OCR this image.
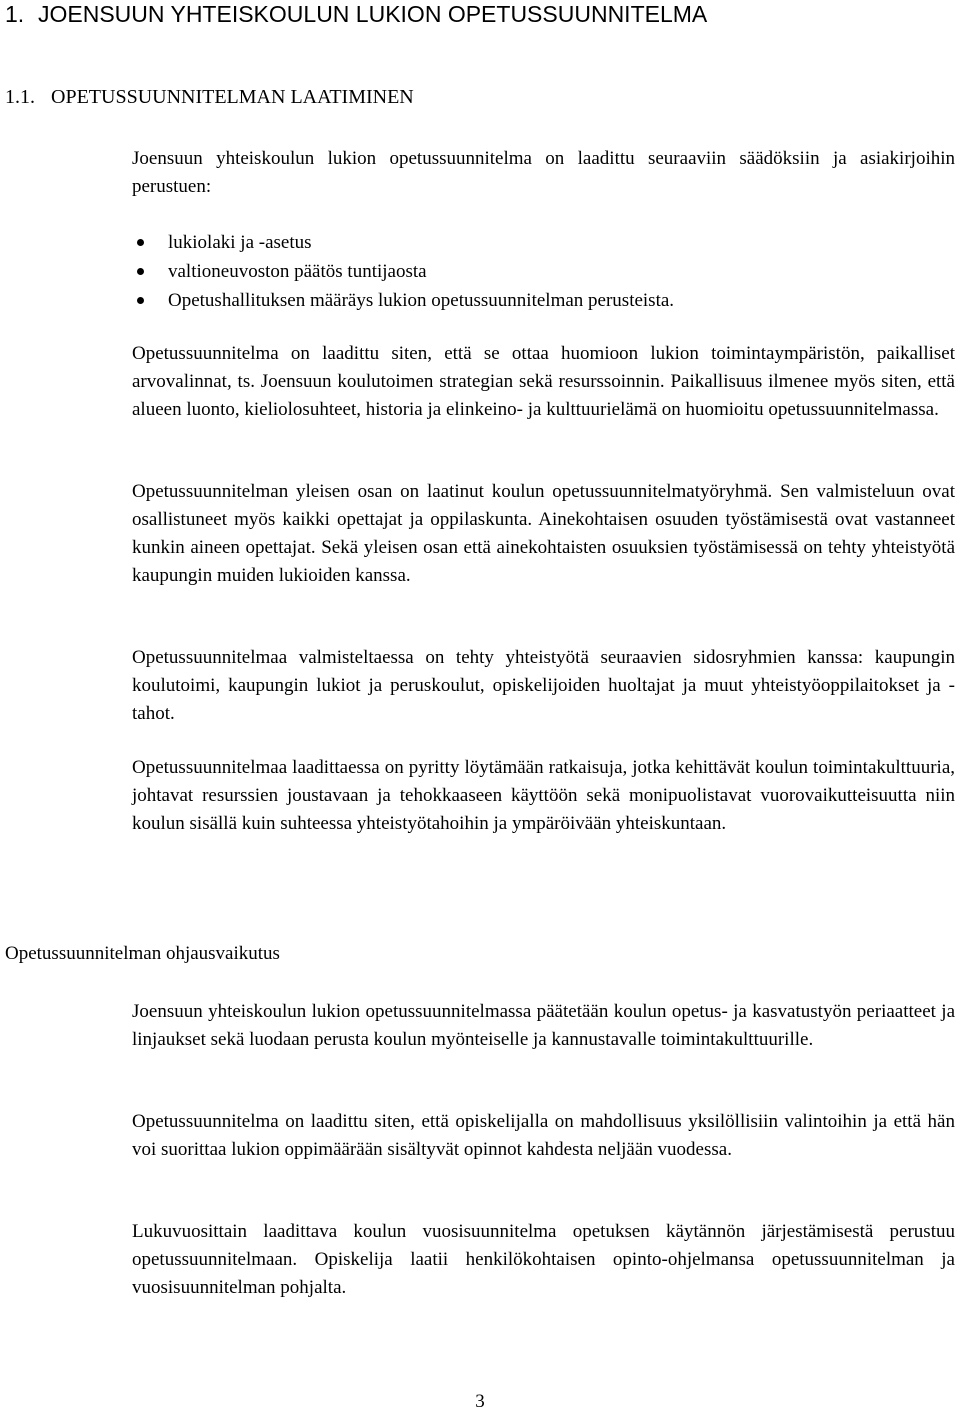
1. JOENSUUN YHTEISKOULUN LUKION OPETUSSUUNNITELMA
1.1. OPETUSSUUNNITELMAN LAATIMINEN

Joensuun yhteiskoulun lukion opetussuunnitelma on laadittu seuraaviin säädöksiin ja asiakirjoihin perustuen:

lukiolaki ja -asetus
valtioneuvoston päätös tuntijaosta
Opetushallituksen määräys lukion opetussuunnitelman perusteista.

Opetussuunnitelma on laadittu siten, että se ottaa huomioon lukion toimintaympäristön, paikalliset arvovalinnat, ts. Joensuun koulutoimen strategian sekä resurssoinnin. Paikallisuus ilmenee myös siten, että alueen luonto, kieliolosuhteet, historia ja elinkeino- ja kulttuurielämä on huomioitu opetussuunnitelmassa.

Opetussuunnitelman yleisen osan on laatinut koulun opetussuunnitelmatyöryhmä. Sen valmisteluun ovat osallistuneet myös kaikki opettajat ja oppilaskunta. Ainekohtaisen osuuden työstämisestä ovat vastanneet kunkin aineen opettajat. Sekä yleisen osan että ainekohtaisten osuuksien työstämisessä on tehty yhteistyötä kaupungin muiden lukioiden kanssa.

Opetussuunnitelmaa valmisteltaessa on tehty yhteistyötä seuraavien sidosryhmien kanssa: kaupungin koulutoimi, kaupungin lukiot ja peruskoulut, opiskelijoiden huoltajat ja muut yhteistyöoppilaitokset ja -tahot.

Opetussuunnitelmaa laadittaessa on pyritty löytämään ratkaisuja, jotka kehittävät koulun toimintakulttuuria, johtavat resurssien joustavaan ja tehokkaaseen käyttöön sekä monipuolistavat vuorovaikutteisuutta niin koulun sisällä kuin suhteessa yhteistyötahoihin ja ympäröivään yhteiskuntaan.

Opetussuunnitelman ohjausvaikutus

Joensuun yhteiskoulun lukion opetussuunnitelmassa päätetään koulun opetus- ja kasvatustyön periaatteet ja linjaukset sekä luodaan perusta koulun myönteiselle ja kannustavalle toimintakulttuurille.

Opetussuunnitelma on laadittu siten, että opiskelijalla on mahdollisuus yksilöllisiin valintoihin ja että hän voi suorittaa lukion oppimäärään sisältyvät opinnot kahdesta neljään vuodessa.

Lukuvuosittain laadittava koulun vuosisuunnitelma opetuksen käytännön järjestämisestä perustuu opetussuunnitelmaan. Opiskelija laatii henkilökohtaisen opinto-ohjelmansa opetussuunnitelman ja vuosisuunnitelman pohjalta.

3
